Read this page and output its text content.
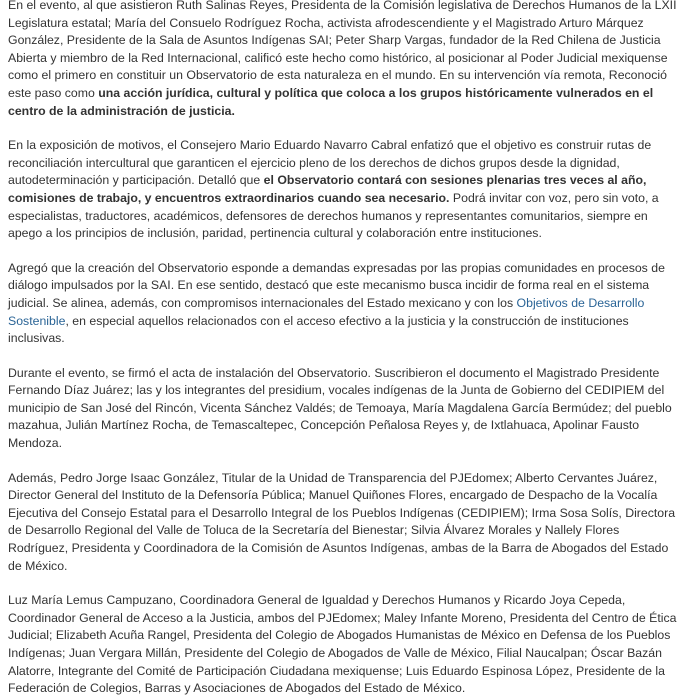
En el evento, al que asistieron Ruth Salinas Reyes, Presidenta de la Comisión legislativa de Derechos Humanos de la LXII Legislatura estatal; María del Consuelo Rodríguez Rocha, activista afrodescendiente y el Magistrado Arturo Márquez González, Presidente de la Sala de Asuntos Indígenas SAI; Peter Sharp Vargas, fundador de la Red Chilena de Justicia Abierta y miembro de la Red Internacional, calificó este hecho como histórico, al posicionar al Poder Judicial mexiquense como el primero en constituir un Observatorio de esta naturaleza en el mundo. En su intervención vía remota, Reconoció este paso como una acción jurídica, cultural y política que coloca a los grupos históricamente vulnerados en el centro de la administración de justicia.

En la exposición de motivos, el Consejero Mario Eduardo Navarro Cabral enfatizó que el objetivo es construir rutas de reconciliación intercultural que garanticen el ejercicio pleno de los derechos de dichos grupos desde la dignidad, autodeterminación y participación. Detalló que el Observatorio contará con sesiones plenarias tres veces al año, comisiones de trabajo, y encuentros extraordinarios cuando sea necesario. Podrá invitar con voz, pero sin voto, a especialistas, traductores, académicos, defensores de derechos humanos y representantes comunitarios, siempre en apego a los principios de inclusión, paridad, pertinencia cultural y colaboración entre instituciones.

Agregó que la creación del Observatorio esponde a demandas expresadas por las propias comunidades en procesos de diálogo impulsados por la SAI. En ese sentido, destacó que este mecanismo busca incidir de forma real en el sistema judicial. Se alinea, además, con compromisos internacionales del Estado mexicano y con los Objetivos de Desarrollo Sostenible, en especial aquellos relacionados con el acceso efectivo a la justicia y la construcción de instituciones inclusivas.

Durante el evento, se firmó el acta de instalación del Observatorio. Suscribieron el documento el Magistrado Presidente Fernando Díaz Juárez; las y los integrantes del presidium, vocales indígenas de la Junta de Gobierno del CEDIPIEM del municipio de San José del Rincón, Vicenta Sánchez Valdés; de Temoaya, María Magdalena García Bermúdez; del pueblo mazahua, Julián Martínez Rocha, de Temascaltepec, Concepción Peñalosa Reyes y, de Ixtlahuaca, Apolinar Fausto Mendoza.

Además, Pedro Jorge Isaac González, Titular de la Unidad de Transparencia del PJEdomex; Alberto Cervantes Juárez, Director General del Instituto de la Defensoría Pública; Manuel Quiñones Flores, encargado de Despacho de la Vocalía Ejecutiva del Consejo Estatal para el Desarrollo Integral de los Pueblos Indígenas (CEDIPIEM); Irma Sosa Solís, Directora de Desarrollo Regional del Valle de Toluca de la Secretaría del Bienestar; Silvia Álvarez Morales y Nallely Flores Rodríguez, Presidenta y Coordinadora de la Comisión de Asuntos Indígenas, ambas de la Barra de Abogados del Estado de México.

Luz María Lemus Campuzano, Coordinadora General de Igualdad y Derechos Humanos y Ricardo Joya Cepeda, Coordinador General de Acceso a la Justicia, ambos del PJEdomex; Maley Infante Moreno, Presidenta del Centro de Ética Judicial; Elizabeth Acuña Rangel, Presidenta del Colegio de Abogados Humanistas de México en Defensa de los Pueblos Indígenas; Juan Vergara Millán, Presidente del Colegio de Abogados de Valle de México, Filial Naucalpan; Óscar Bazán Alatorre, Integrante del Comité de Participación Ciudadana mexiquense; Luis Eduardo Espinosa López, Presidente de la Federación de Colegios, Barras y Asociaciones de Abogados del Estado de México.
